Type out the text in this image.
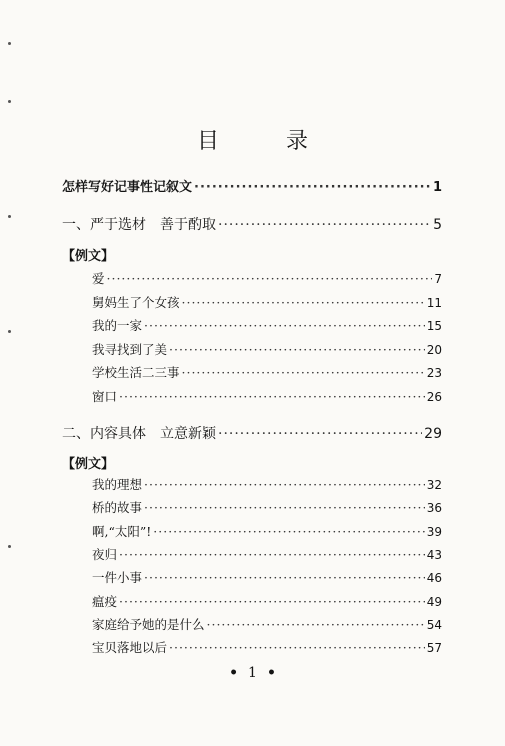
目 录
怎样写好记事性记叙文 ·····	1
一、严于选材　善于酌取 ·····	5
【例文】
爱 ·····	7
舅妈生了个女孩 ·····	11
我的一家 ·····	15
我寻找到了美 ·····	20
学校生活二三事 ·····	23
窗口 ·····	26
二、内容具体　立意新颖 ·····	29
【例文】
我的理想 ·····	32
桥的故事 ·····	36
啊,“太阳”! ·····	39
夜归 ·····	43
一件小事 ·····	46
瘟疫 ·····	49
家庭给予她的是什么 ·····	54
宝贝落地以后 ·····	57
• 1 •
